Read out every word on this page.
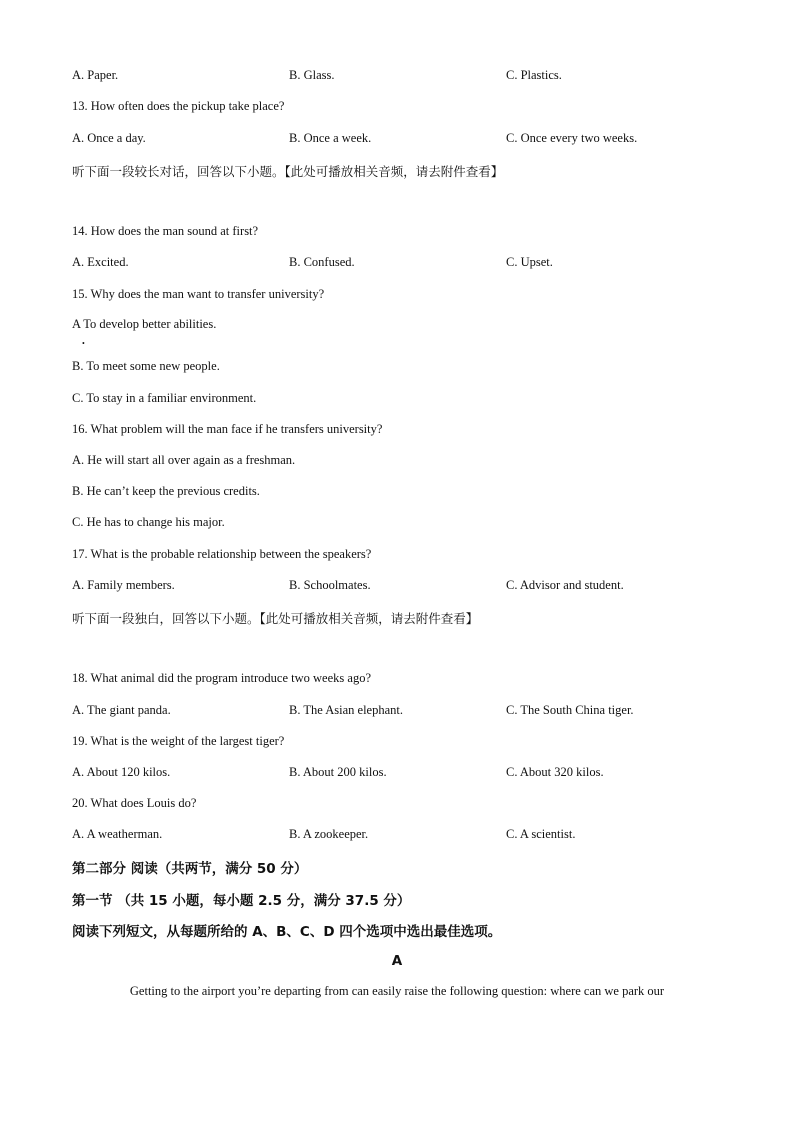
A. Paper.	B. Glass.	C. Plastics.
13. How often does the pickup take place?
A. Once a day.	B. Once a week.	C. Once every two weeks.
听下面一段较长对话，回答以下小题。【此处可播放相关音频，请去附件查看】
14. How does the man sound at first?
A. Excited.	B. Confused.	C. Upset.
15. Why does the man want to transfer university?
A To develop better abilities.
•
B. To meet some new people.
C. To stay in a familiar environment.
16. What problem will the man face if he transfers university?
A. He will start all over again as a freshman.
B. He can’t keep the previous credits.
C. He has to change his major.
17. What is the probable relationship between the speakers?
A. Family members.	B. Schoolmates.	C. Advisor and student.
听下面一段独白，回答以下小题。【此处可播放相关音频，请去附件查看】
18. What animal did the program introduce two weeks ago?
A. The giant panda.	B. The Asian elephant.	C. The South China tiger.
19. What is the weight of the largest tiger?
A. About 120 kilos.	B. About 200 kilos.	C. About 320 kilos.
20. What does Louis do?
A. A weatherman.	B. A zookeeper.	C. A scientist.
第二部分 阅读（共两节，满分 50 分）
第一节 （共 15 小题，每小题 2.5 分，满分 37.5 分）
阅读下列短文，从每题所给的 A、B、C、D 四个选项中选出最佳选项。
A
Getting to the airport you’re departing from can easily raise the following question: where can we park our
